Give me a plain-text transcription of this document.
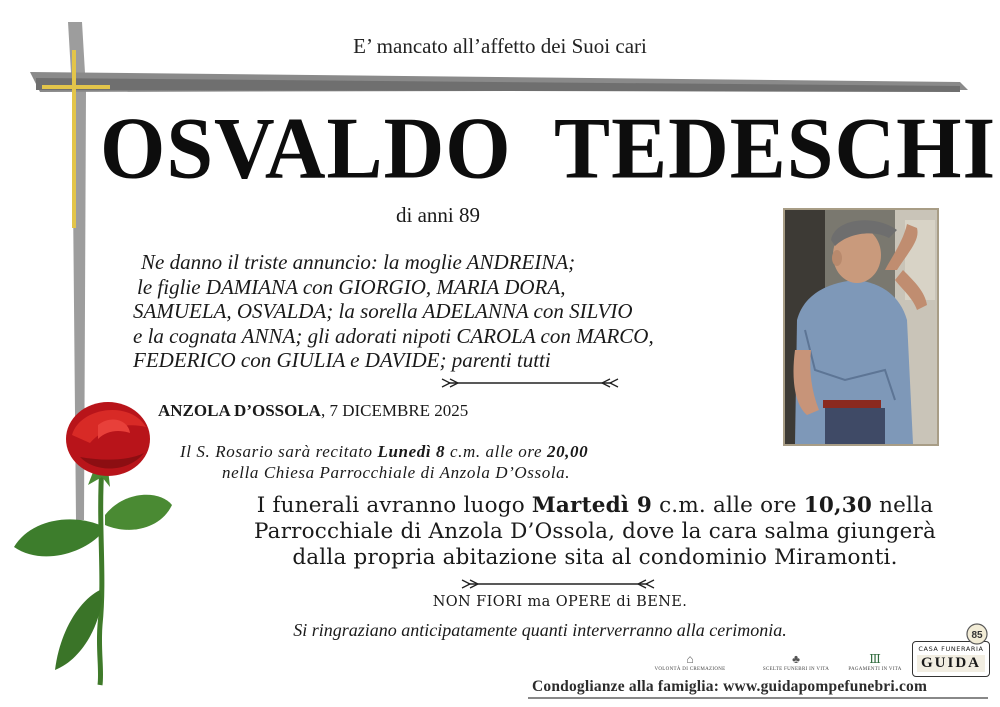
E’ mancato all’affetto dei Suoi cari
OSVALDO  TEDESCHI
di anni 89
Ne danno il triste annuncio: la moglie ANDREINA;
le figlie DAMIANA con GIORGIO, MARIA DORA,
SAMUELA, OSVALDA; la sorella ADELANNA con SILVIO
e la cognata ANNA; gli adorati nipoti CAROLA con MARCO,
FEDERICO con GIULIA e DAVIDE; parenti tutti
ANZOLA D’OSSOLA, 7 DICEMBRE 2025
Il S. Rosario sarà recitato Lunedì 8 c.m. alle ore 20,00
nella Chiesa Parrocchiale di Anzola D’Ossola.
I funerali avranno luogo Martedì 9 c.m. alle ore 10,30 nella
Parrocchiale di Anzola D’Ossola, dove la cara salma giungerà
dalla propria abitazione sita al condominio Miramonti.
NON FIORI ma OPERE di BENE.
Si ringraziano anticipatamente quanti interverranno alla cerimonia.
⌂
VOLONTÀ DI CREMAZIONE
♣
SCELTE FUNEBRI IN VITA
Ⅲ
PAGAMENTI IN VITA
CASA FUNERARIA
GUIDA
85
Condoglianze alla famiglia: www.guidapompefunebri.com
